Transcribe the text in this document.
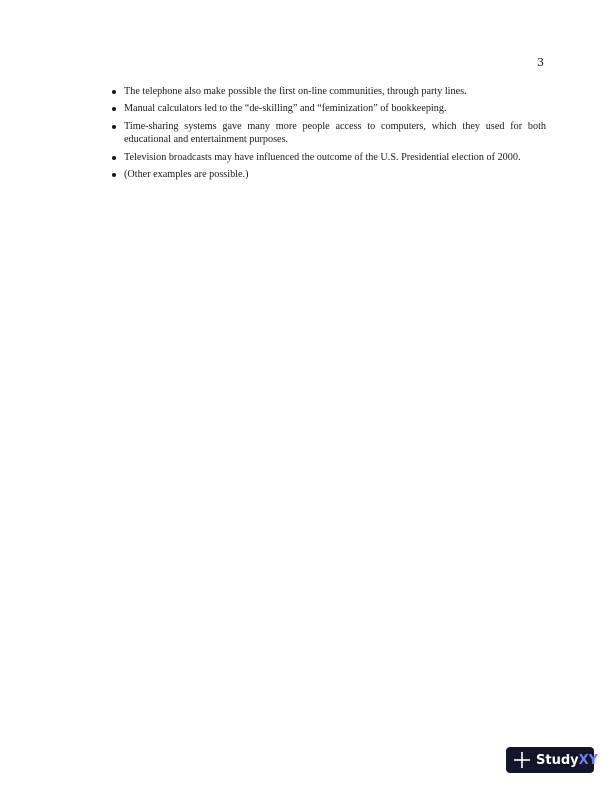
3
The telephone also make possible the first on-line communities, through party lines.
Manual calculators led to the “de-skilling” and “feminization” of bookkeeping.
Time-sharing systems gave many more people access to computers, which they used for both educational and entertainment purposes.
Television broadcasts may have influenced the outcome of the U.S. Presidential election of 2000.
(Other examples are possible.)
Study XY
